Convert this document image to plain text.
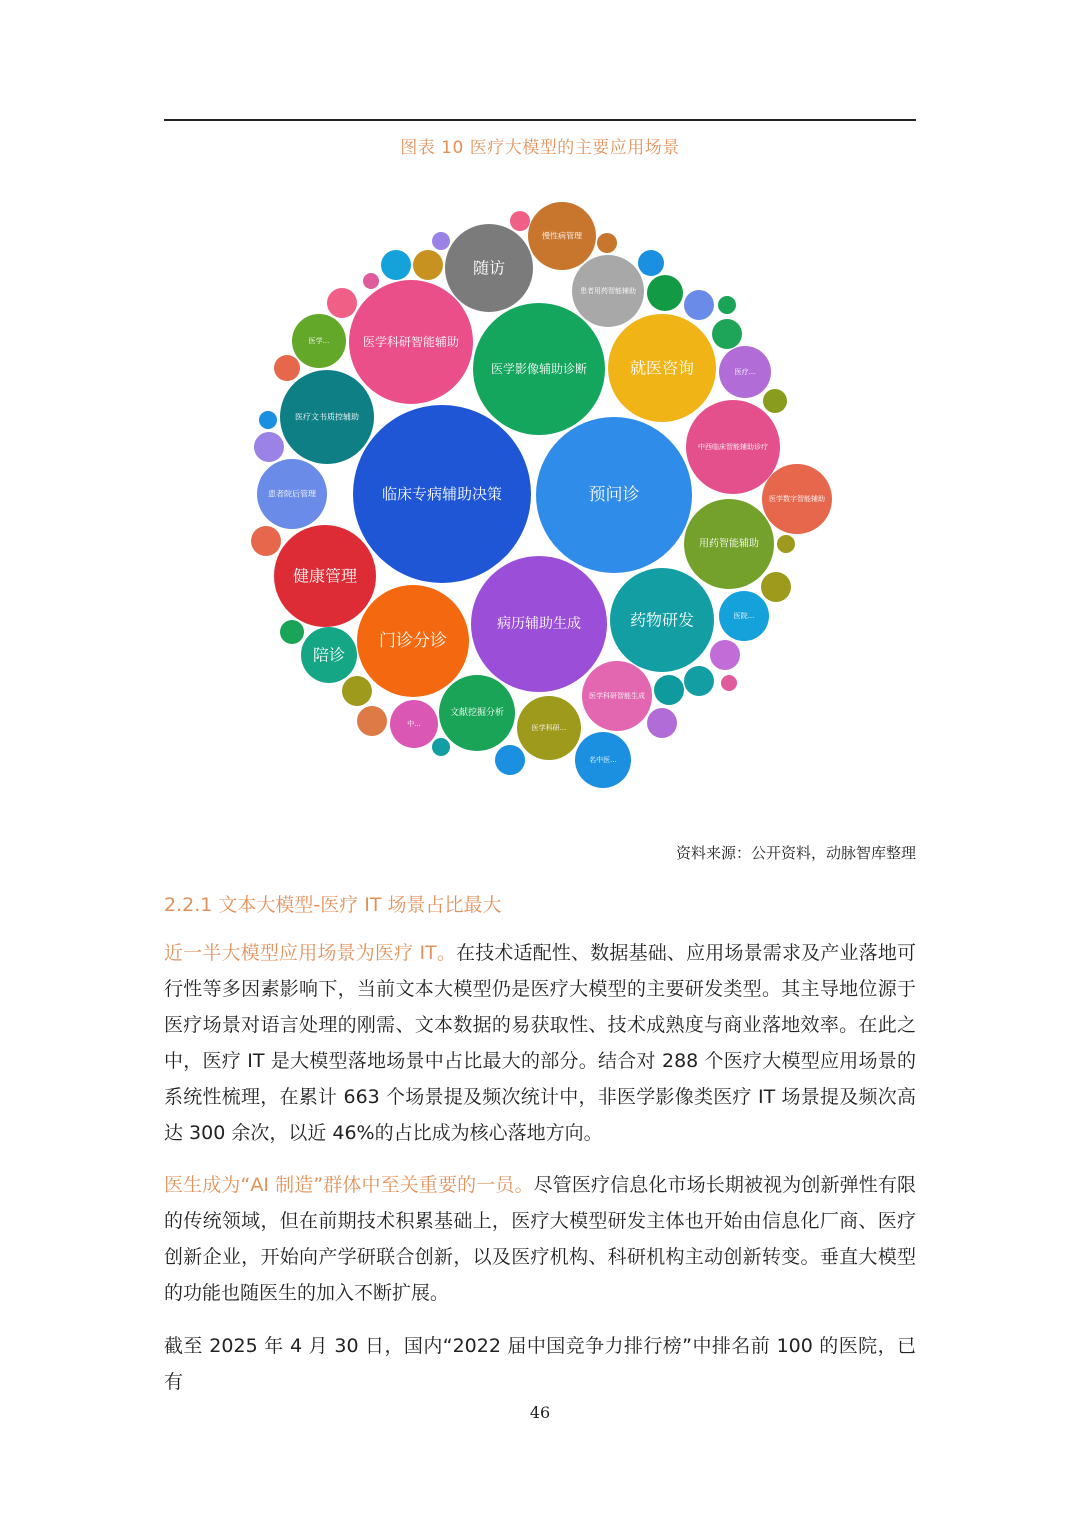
图表 10 医疗大模型的主要应用场景
临床专病辅助决策	预问诊
病历辅助生成
医学影像辅助诊断
医学科研智能辅助
健康管理
门诊分诊
药物研发
就医咨询
随访
医疗文书质控辅助
用药智能辅助
中西临床智能辅助诊疗
慢性病管理
患者院后管理
陪诊
文献挖掘分析
患者用药智能辅助
医学科研智能生成
医学数字智能辅助
医学科研...
名中医...
医学...
医院...
医疗...
中...
资料来源：公开资料，动脉智库整理
2.2.1 文本大模型-医疗 IT 场景占比最大

近一半大模型应用场景为医疗 IT。在技术适配性、数据基础、应用场景需求及产业落地可行性等多因素影响下，当前文本大模型仍是医疗大模型的主要研发类型。其主导地位源于医疗场景对语言处理的刚需、文本数据的易获取性、技术成熟度与商业落地效率。在此之中，医疗 IT 是大模型落地场景中占比最大的部分。结合对 288 个医疗大模型应用场景的系统性梳理，在累计 663 个场景提及频次统计中，非医学影像类医疗 IT 场景提及频次高达 300 余次，以近 46%的占比成为核心落地方向。

医生成为“AI 制造”群体中至关重要的一员。尽管医疗信息化市场长期被视为创新弹性有限的传统领域，但在前期技术积累基础上，医疗大模型研发主体也开始由信息化厂商、医疗创新企业，开始向产学研联合创新，以及医疗机构、科研机构主动创新转变。垂直大模型的功能也随医生的加入不断扩展。

截至 2025 年 4 月 30 日，国内“2022 届中国竞争力排行榜”中排名前 100 的医院，已有

46
